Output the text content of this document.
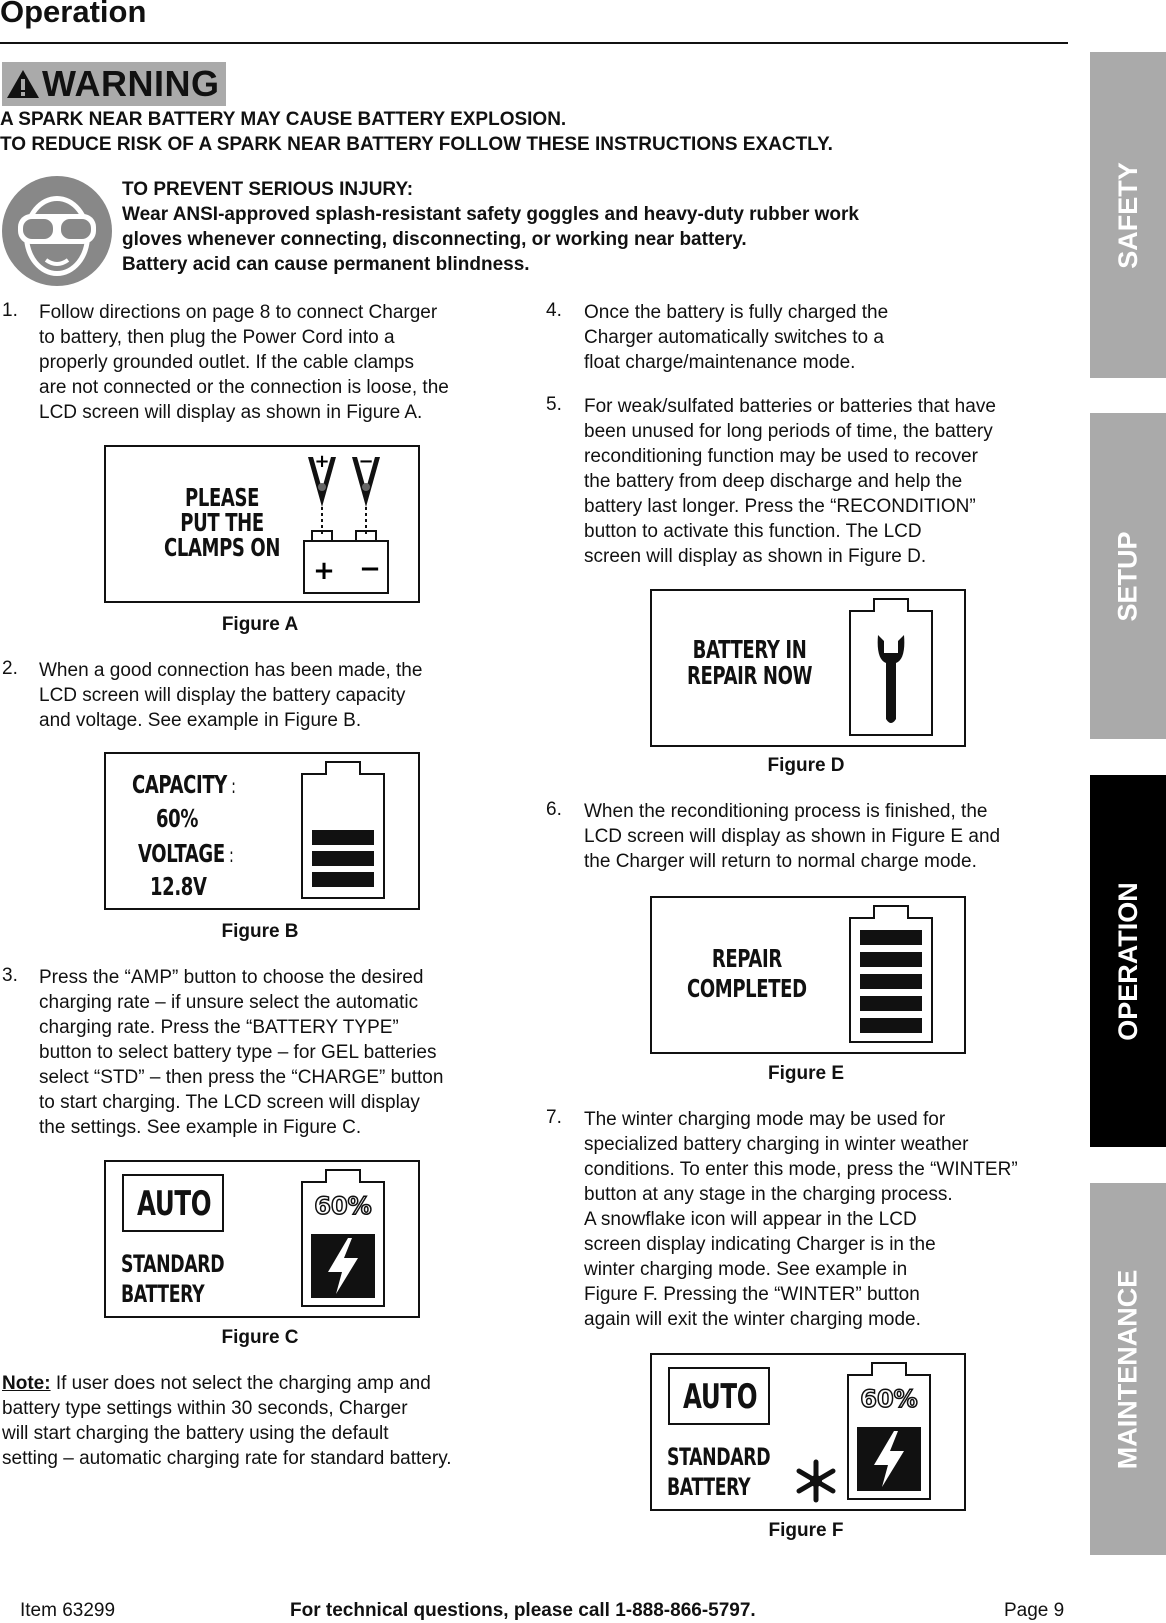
Operation
WARNING
A SPARK NEAR BATTERY MAY CAUSE BATTERY EXPLOSION.
TO REDUCE RISK OF A SPARK NEAR BATTERY FOLLOW THESE INSTRUCTIONS EXACTLY.
TO PREVENT SERIOUS INJURY:
Wear ANSI-approved splash-resistant safety goggles and heavy-duty rubber work
gloves whenever connecting, disconnecting, or working near battery.
Battery acid can cause permanent blindness.
1. Follow directions on page 8 to connect Charger
to battery, then plug the Power Cord into a
properly grounded outlet. If the cable clamps
are not connected or the connection is loose, the
LCD screen will display as shown in Figure A.
PLEASE
PUT THE
CLAMPS ON
+ −
+ −
Figure A
2. When a good connection has been made, the
LCD screen will display the battery capacity
and voltage. See example in Figure B.
CAPACITY :
60%
VOLTAGE :
12.8V
Figure B
3. Press the “AMP” button to choose the desired
charging rate – if unsure select the automatic
charging rate. Press the “BATTERY TYPE”
button to select battery type – for GEL batteries
select “STD” – then press the “CHARGE” button
to start charging. The LCD screen will display
the settings. See example in Figure C.
AUTO
STANDARD
BATTERY
60%
Figure C
Note: If user does not select the charging amp and
battery type settings within 30 seconds, Charger
will start charging the battery using the default
setting – automatic charging rate for standard battery.
4. Once the battery is fully charged the
Charger automatically switches to a
float charge/maintenance mode.
5. For weak/sulfated batteries or batteries that have
been unused for long periods of time, the battery
reconditioning function may be used to recover
the battery from deep discharge and help the
battery last longer. Press the “RECONDITION”
button to activate this function. The LCD
screen will display as shown in Figure D.
BATTERY IN
REPAIR NOW
Figure D
6. When the reconditioning process is finished, the
LCD screen will display as shown in Figure E and
the Charger will return to normal charge mode.
REPAIR
COMPLETED
Figure E
7. The winter charging mode may be used for
specialized battery charging in winter weather
conditions. To enter this mode, press the “WINTER”
button at any stage in the charging process.
A snowflake icon will appear in the LCD
screen display indicating Charger is in the
winter charging mode. See example in
Figure F. Pressing the “WINTER” button
again will exit the winter charging mode.
AUTO
STANDARD
BATTERY
60%
Figure F
SAFETY
SETUP
OPERATION
MAINTENANCE
Item 63299	For technical questions, please call 1-888-866-5797.	Page 9
